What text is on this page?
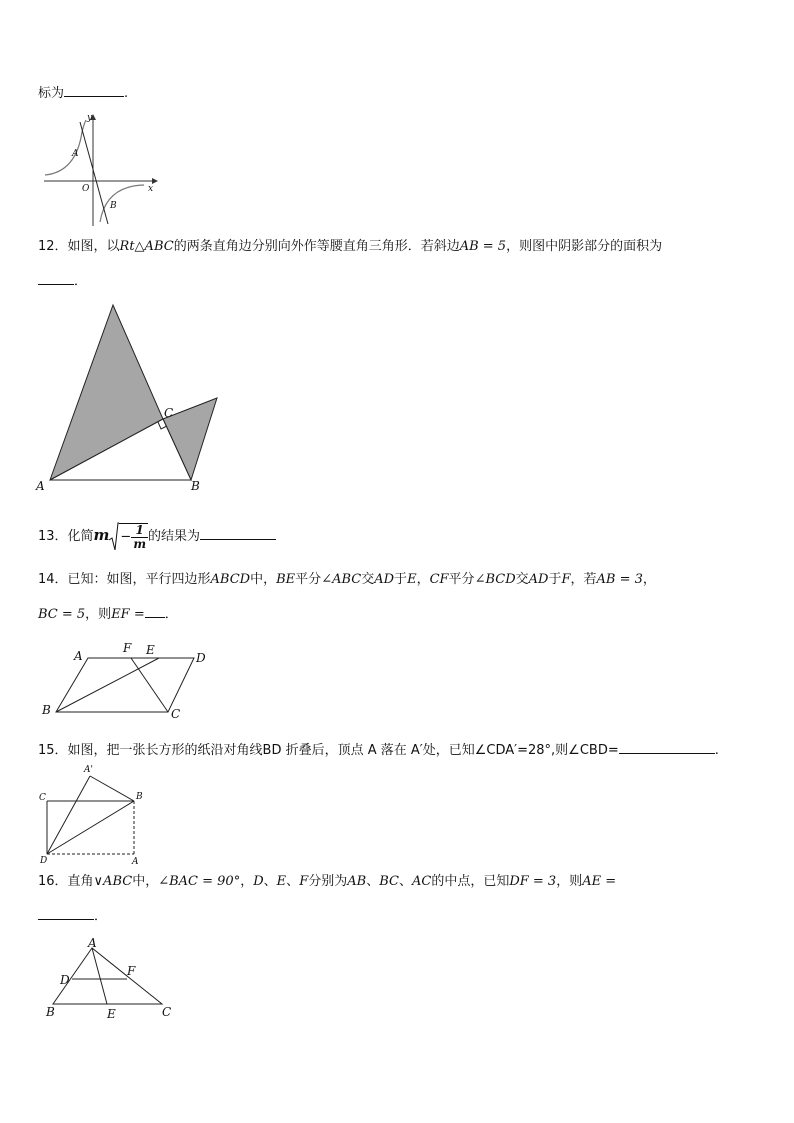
标为	.
y
x
O
A
B
12．如图，以Rt△ABC的两条直角边分别向外作等腰直角三角形．若斜边AB = 5，则图中阴影部分的面积为
．
A	B
C
13．化简$m - \frac{1}{m}$ 的结果为
14．已知：如图，平行四边形ABCD中，BE平分∠ABC交AD于E，CF平分∠BCD交AD于F，若AB = 3，
BC = 5，则EF = ．
A
F E
D
B	C
15．如图，把一张长方形的纸沿对角线BD 折叠后，顶点 A 落在 A′处，已知∠CDA′=28°,则∠CBD=	.
A'
C	B
D	A
16．直角∨ABC中，∠BAC = 90°，D、E、F分别为AB、BC、AC的中点，已知DF = 3，则AE =
．
A
D
F
B	E	C
